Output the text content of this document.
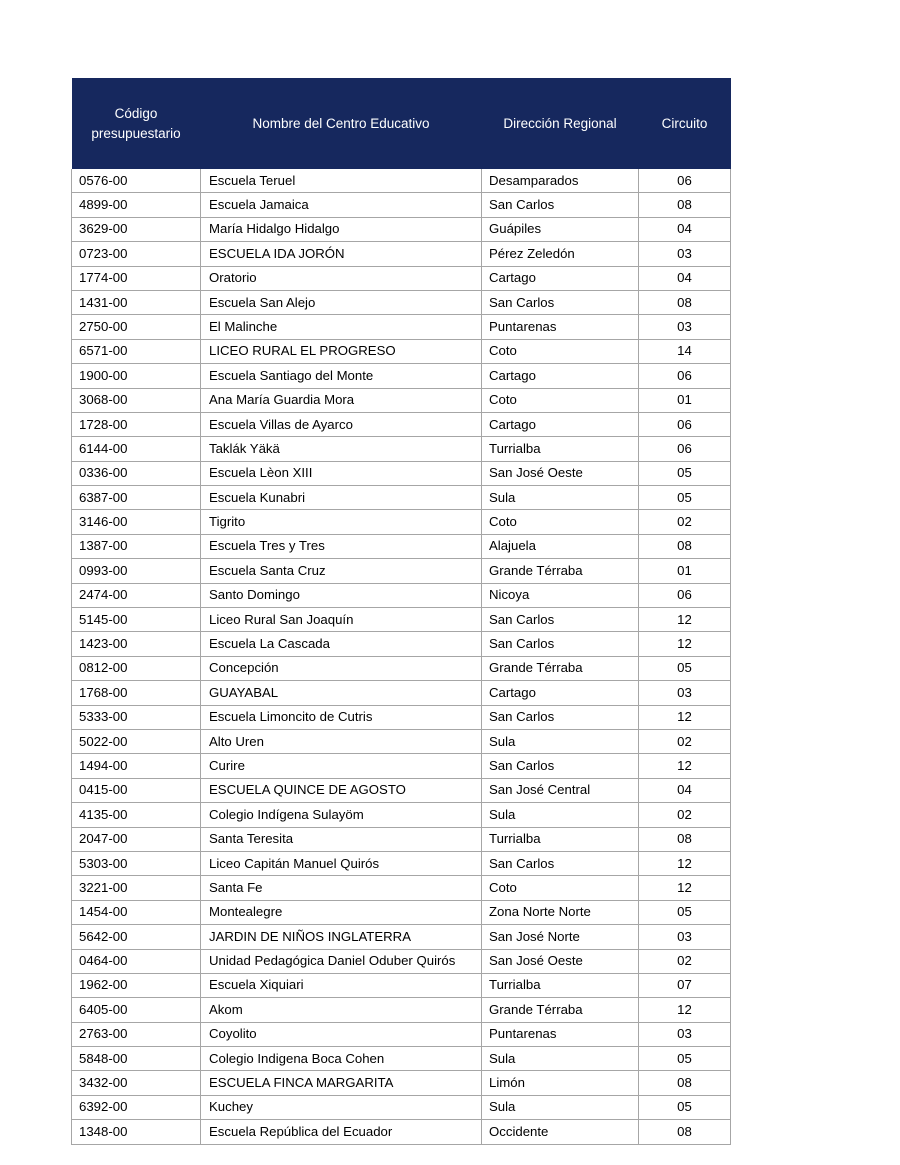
Código
presupuestario	Nombre del Centro Educativo	Dirección Regional	Circuito
0576-00	Escuela Teruel	Desamparados	06
4899-00	Escuela Jamaica	San Carlos	08
3629-00	María Hidalgo Hidalgo	Guápiles	04
0723-00	ESCUELA IDA JORÓN	Pérez Zeledón	03
1774-00	Oratorio	Cartago	04
1431-00	Escuela San Alejo	San Carlos	08
2750-00	El Malinche	Puntarenas	03
6571-00	LICEO RURAL EL PROGRESO	Coto	14
1900-00	Escuela Santiago del Monte	Cartago	06
3068-00	Ana María Guardia Mora	Coto	01
1728-00	Escuela Villas de Ayarco	Cartago	06
6144-00	Taklák Yäkä	Turrialba	06
0336-00	Escuela Lèon XIII	San José Oeste	05
6387-00	Escuela Kunabri	Sula	05
3146-00	Tigrito	Coto	02
1387-00	Escuela Tres y Tres	Alajuela	08
0993-00	Escuela Santa Cruz	Grande Térraba	01
2474-00	Santo Domingo	Nicoya	06
5145-00	Liceo Rural San Joaquín	San Carlos	12
1423-00	Escuela La Cascada	San Carlos	12
0812-00	Concepción	Grande Térraba	05
1768-00	GUAYABAL	Cartago	03
5333-00	Escuela Limoncito de Cutris	San Carlos	12
5022-00	Alto Uren	Sula	02
1494-00	Curire	San Carlos	12
0415-00	ESCUELA QUINCE DE AGOSTO	San José Central	04
4135-00	Colegio Indígena Sulayöm	Sula	02
2047-00	Santa Teresita	Turrialba	08
5303-00	Liceo Capitán Manuel Quirós	San Carlos	12
3221-00	Santa Fe	Coto	12
1454-00	Montealegre	Zona Norte Norte	05
5642-00	JARDIN DE NIÑOS INGLATERRA	San José Norte	03
0464-00	Unidad Pedagógica Daniel Oduber Quirós	San José Oeste	02
1962-00	Escuela Xiquiari	Turrialba	07
6405-00	Akom	Grande Térraba	12
2763-00	Coyolito	Puntarenas	03
5848-00	Colegio Indigena Boca Cohen	Sula	05
3432-00	ESCUELA FINCA MARGARITA	Limón	08
6392-00	Kuchey	Sula	05
1348-00	Escuela República del Ecuador	Occidente	08
